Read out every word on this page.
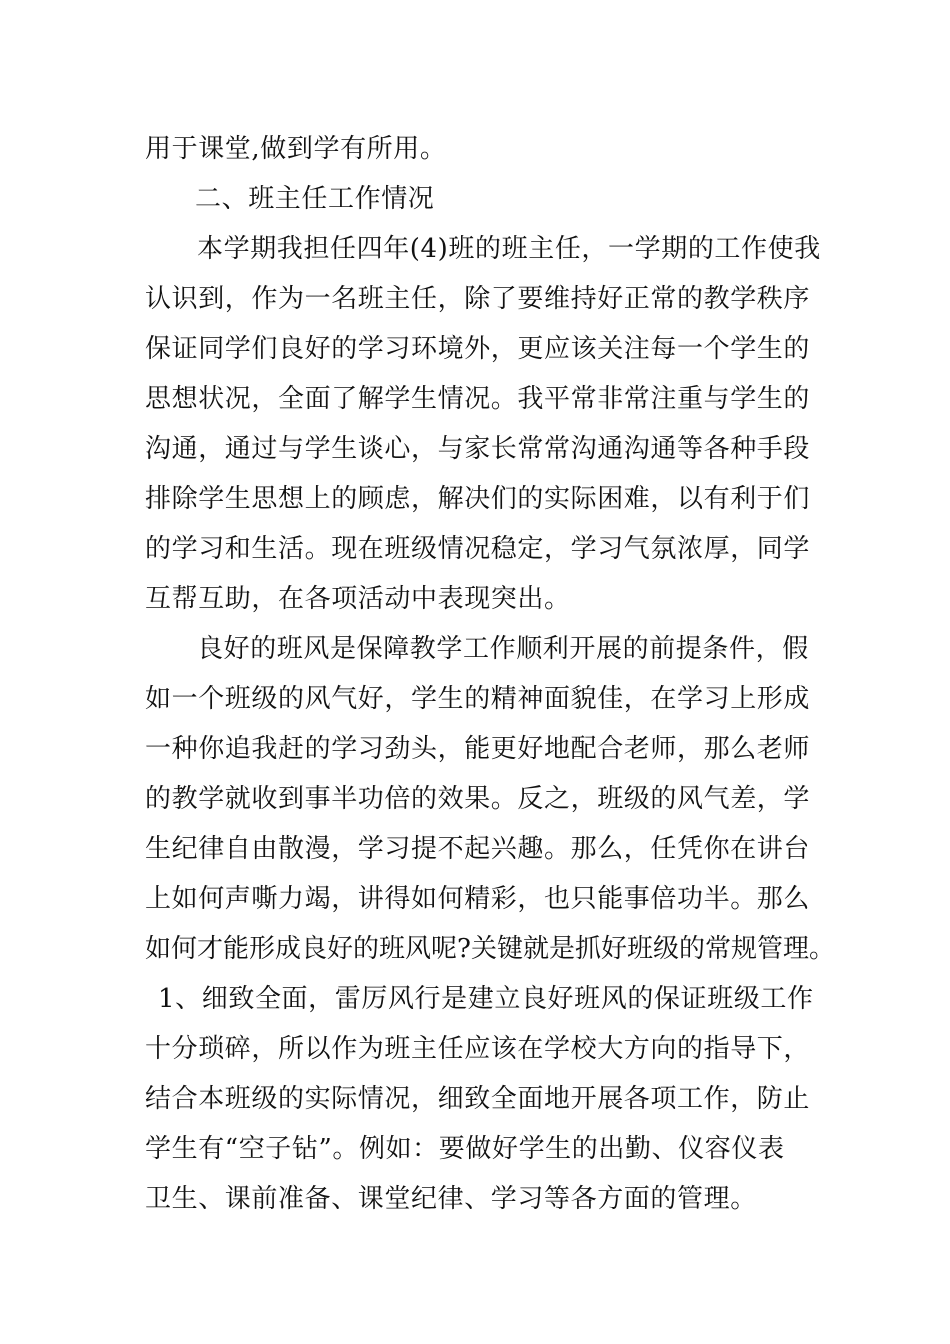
用于课堂,做到学有所用。
二、班主任工作情况
本学期我担任四年(4)班的班主任，一学期的工作使我
认识到，作为一名班主任，除了要维持好正常的教学秩序
保证同学们良好的学习环境外，更应该关注每一个学生的
思想状况，全面了解学生情况。我平常非常注重与学生的
沟通，通过与学生谈心，与家长常常沟通沟通等各种手段
排除学生思想上的顾虑，解决们的实际困难，以有利于们
的学习和生活。现在班级情况稳定，学习气氛浓厚，同学
互帮互助，在各项活动中表现突出。
良好的班风是保障教学工作顺利开展的前提条件，假
如一个班级的风气好，学生的精神面貌佳，在学习上形成
一种你追我赶的学习劲头，能更好地配合老师，那么老师
的教学就收到事半功倍的效果。反之，班级的风气差，学
生纪律自由散漫，学习提不起兴趣。那么，任凭你在讲台
上如何声嘶力竭，讲得如何精彩，也只能事倍功半。那么
如何才能形成良好的班风呢?关键就是抓好班级的常规管理。
1、细致全面，雷厉风行是建立良好班风的保证班级工作
十分琐碎，所以作为班主任应该在学校大方向的指导下，
结合本班级的实际情况，细致全面地开展各项工作，防止
学生有“空子钻”。例如：要做好学生的出勤、仪容仪表
卫生、课前准备、课堂纪律、学习等各方面的管理。
